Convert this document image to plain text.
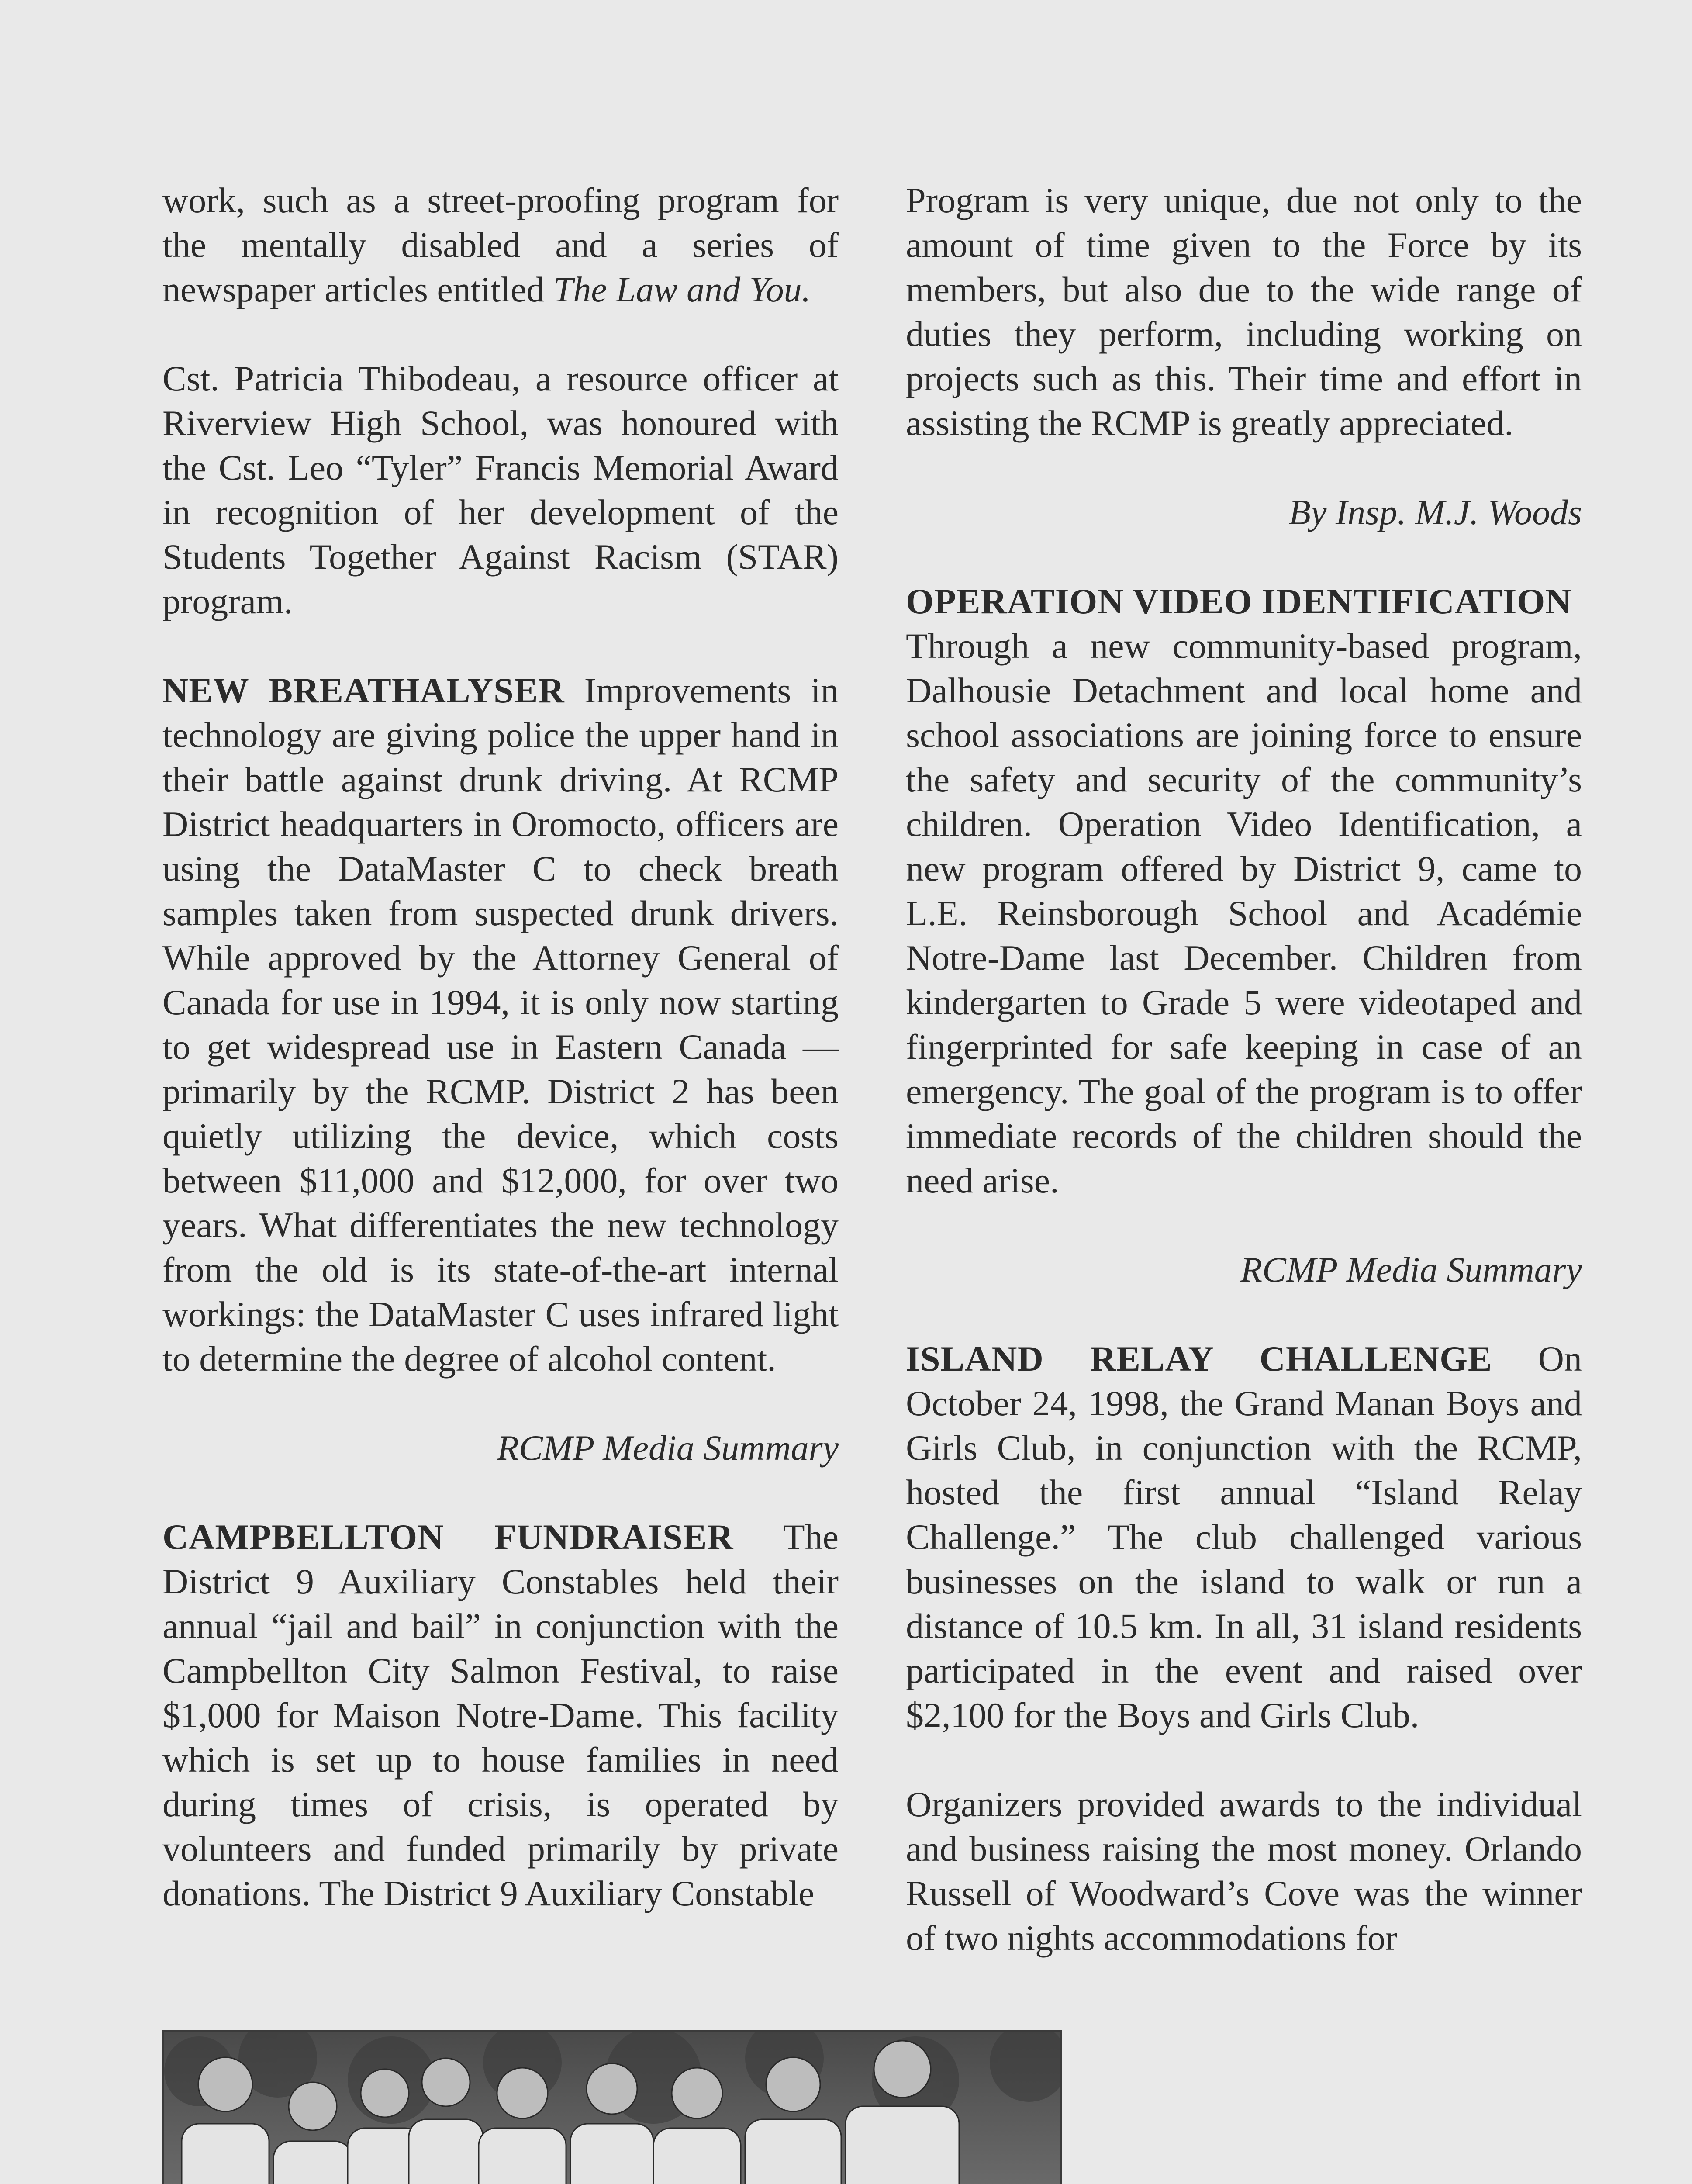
work, such as a street-proofing program for the mentally disabled and a series of newspaper articles entitled The Law and You.

Cst. Patricia Thibodeau, a resource officer at Riverview High School, was honoured with the Cst. Leo “Tyler” Francis Memorial Award in recognition of her development of the Students Together Against Racism (STAR) program.

NEW BREATHALYSER Improvements in technology are giving police the upper hand in their battle against drunk driving. At RCMP District headquarters in Oromocto, officers are using the DataMaster C to check breath samples taken from suspected drunk drivers. While approved by the Attorney General of Canada for use in 1994, it is only now starting to get widespread use in Eastern Canada — primarily by the RCMP. District 2 has been quietly utilizing the device, which costs between $11,000 and $12,000, for over two years. What differentiates the new technology from the old is its state-of-the-art internal workings: the DataMaster C uses infrared light to determine the degree of alcohol content.

RCMP Media Summary

CAMPBELLTON FUNDRAISER The District 9 Auxiliary Constables held their annual “jail and bail” in conjunction with the Campbellton City Salmon Festival, to raise $1,000 for Maison Notre-Dame. This facility which is set up to house families in need during times of crisis, is operated by volunteers and funded primarily by private donations. The District 9 Auxiliary Constable

Program is very unique, due not only to the amount of time given to the Force by its members, but also due to the wide range of duties they perform, including working on projects such as this. Their time and effort in assisting the RCMP is greatly appreciated.

By Insp. M.J. Woods

OPERATION VIDEO IDENTIFICATION
Through a new community-based program, Dalhousie Detachment and local home and school associations are joining force to ensure the safety and security of the community’s children. Operation Video Identification, a new program offered by District 9, came to L.E. Reinsborough School and Académie Notre-Dame last December. Children from kindergarten to Grade 5 were videotaped and fingerprinted for safe keeping in case of an emergency. The goal of the program is to offer immediate records of the children should the need arise.

RCMP Media Summary

ISLAND RELAY CHALLENGE On October 24, 1998, the Grand Manan Boys and Girls Club, in conjunction with the RCMP, hosted the first annual “Island Relay Challenge.” The club challenged various businesses on the island to walk or run a distance of 10.5 km. In all, 31 island residents participated in the event and raised over $2,100 for the Boys and Girls Club.

Organizers provided awards to the individual and business raising the most money. Orlando Russell of Woodward’s Cove was the winner of two nights accommodations for
